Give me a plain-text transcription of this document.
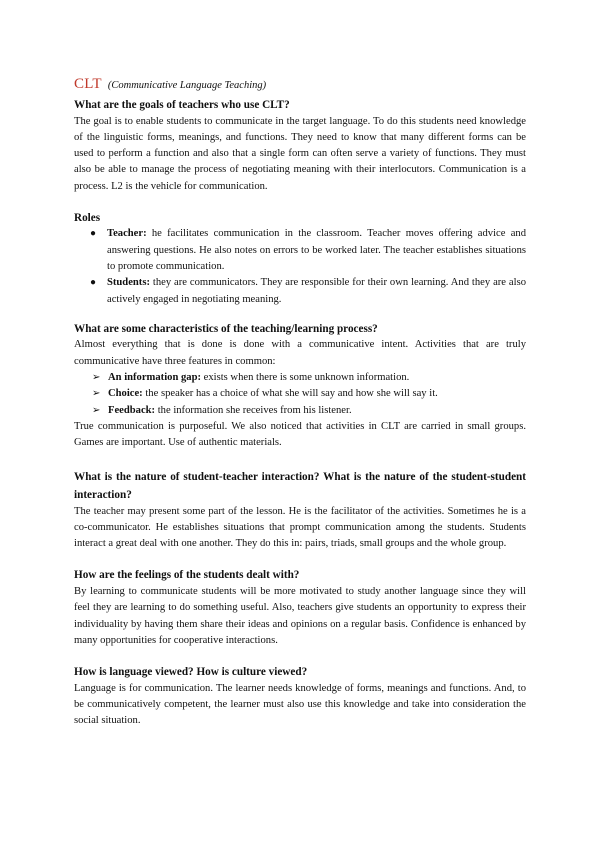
CLT (Communicative Language Teaching)
What are the goals of teachers who use CLT?

The goal is to enable students to communicate in the target language. To do this students need knowledge of the linguistic forms, meanings, and functions. They need to know that many different forms can be used to perform a function and also that a single form can often serve a variety of functions. They must also be able to manage the process of negotiating meaning with their interlocutors. Communication is a process. L2 is the vehicle for communication.

Roles
● Teacher: he facilitates communication in the classroom. Teacher moves offering advice and answering questions. He also notes on errors to be worked later. The teacher establishes situations to promote communication.
● Students: they are communicators. They are responsible for their own learning. And they are also actively engaged in negotiating meaning.
What are some characteristics of the teaching/learning process?

Almost everything that is done is done with a communicative intent. Activities that are truly communicative have three features in common:

➢ An information gap: exists when there is some unknown information.
➢ Choice: the speaker has a choice of what she will say and how she will say it.
➢ Feedback: the information she receives from his listener.

True communication is purposeful. We also noticed that activities in CLT are carried in small groups. Games are important. Use of authentic materials.

What is the nature of student-teacher interaction? What is the nature of the student-student interaction?

The teacher may present some part of the lesson. He is the facilitator of the activities. Sometimes he is a co-communicator. He establishes situations that prompt communication among the students. Students interact a great deal with one another. They do this in: pairs, triads, small groups and the whole group.

How are the feelings of the students dealt with?

By learning to communicate students will be more motivated to study another language since they will feel they are learning to do something useful. Also, teachers give students an opportunity to express their individuality by having them share their ideas and opinions on a regular basis. Confidence is enhanced by many opportunities for cooperative interactions.

How is language viewed? How is culture viewed?

Language is for communication. The learner needs knowledge of forms, meanings and functions. And, to be communicatively competent, the learner must also use this knowledge and take into consideration the social situation.
